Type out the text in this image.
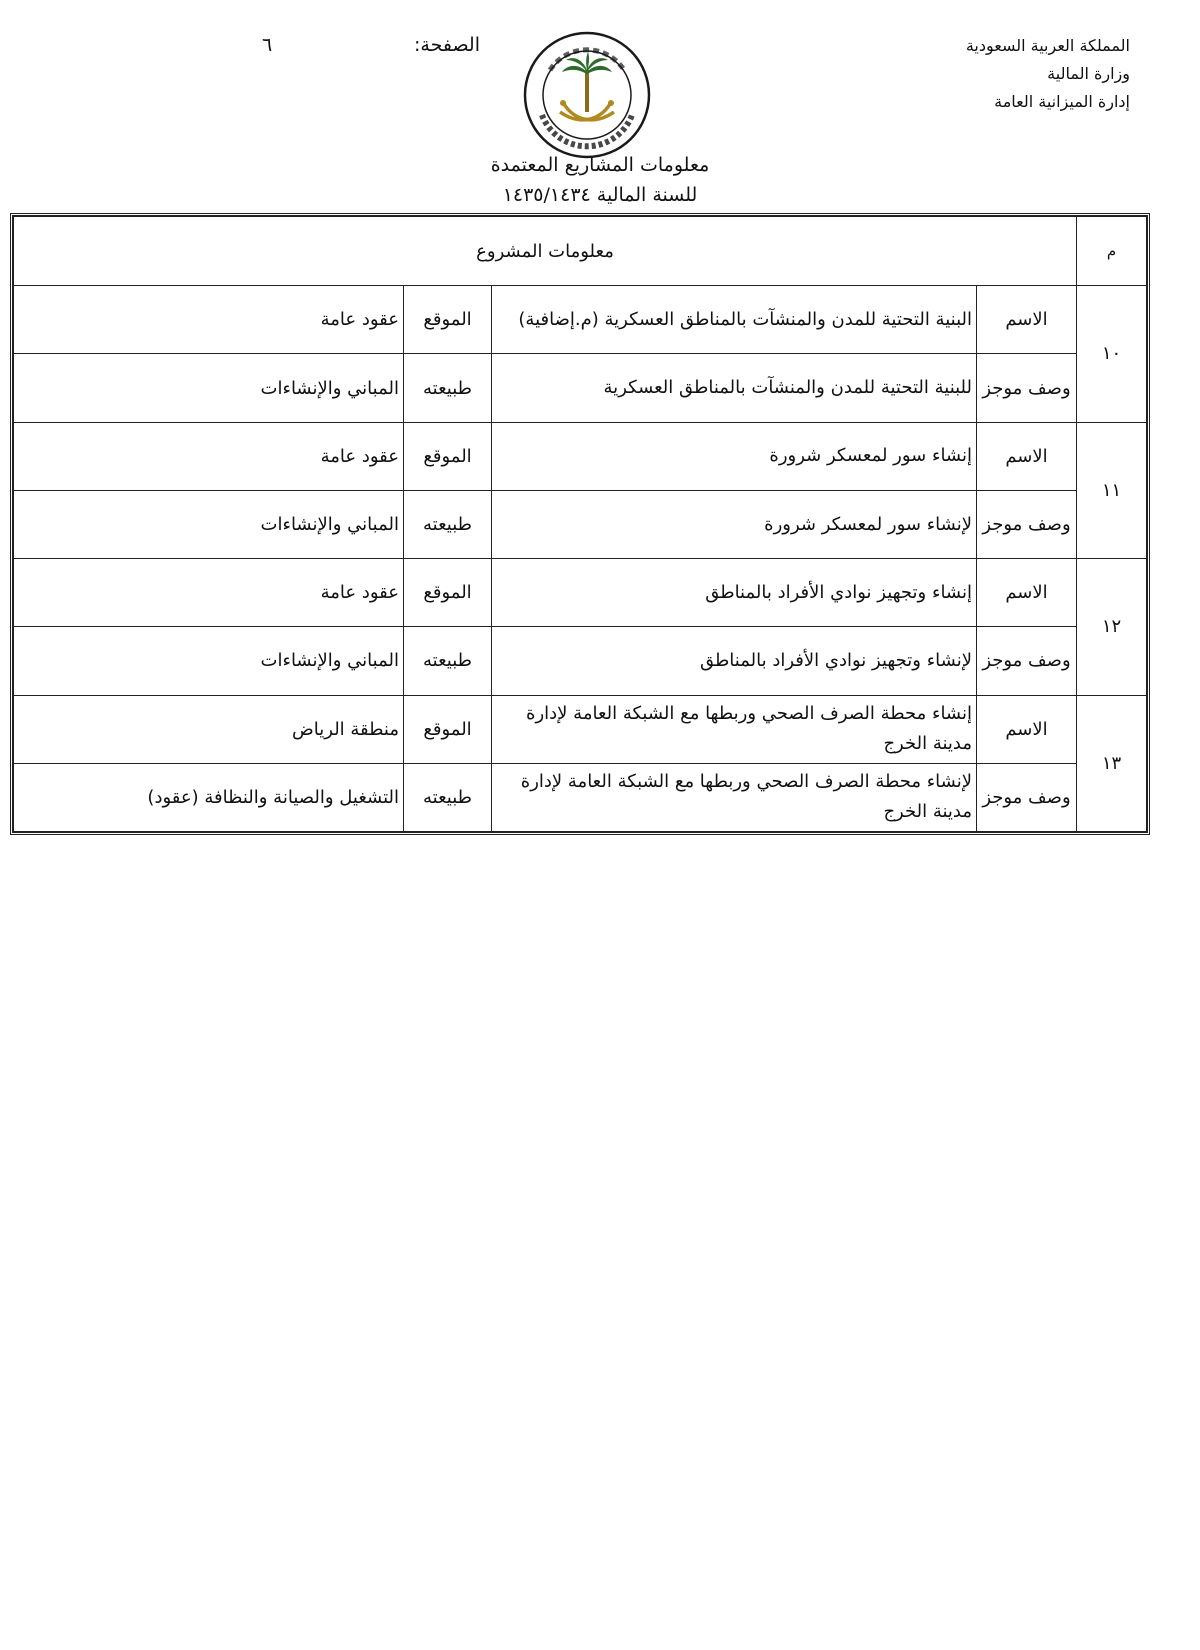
المملكة العربية السعودية
وزارة المالية
إدارة الميزانية العامة
الصفحة:
٦
معلومات المشاريع المعتمدة
للسنة المالية ١٤٣٥/١٤٣٤
م	معلومات المشروع			
١٠	الاسم	البنية التحتية للمدن والمنشآت بالمناطق العسكرية (م.إضافية)	الموقع	عقود عامة
	وصف موجز	للبنية التحتية للمدن والمنشآت بالمناطق العسكرية	طبيعته	المباني والإنشاءات
١١	الاسم	إنشاء سور لمعسكر شرورة	الموقع	عقود عامة
	وصف موجز	لإنشاء سور لمعسكر شرورة	طبيعته	المباني والإنشاءات
١٢	الاسم	إنشاء وتجهيز نوادي الأفراد بالمناطق	الموقع	عقود عامة
	وصف موجز	لإنشاء وتجهيز نوادي الأفراد بالمناطق	طبيعته	المباني والإنشاءات
١٣	الاسم	إنشاء محطة الصرف الصحي وربطها مع الشبكة العامة لإدارة مدينة الخرج	الموقع	منطقة الرياض
	وصف موجز	لإنشاء محطة الصرف الصحي وربطها مع الشبكة العامة لإدارة مدينة الخرج	طبيعته	التشغيل والصيانة والنظافة (عقود)
